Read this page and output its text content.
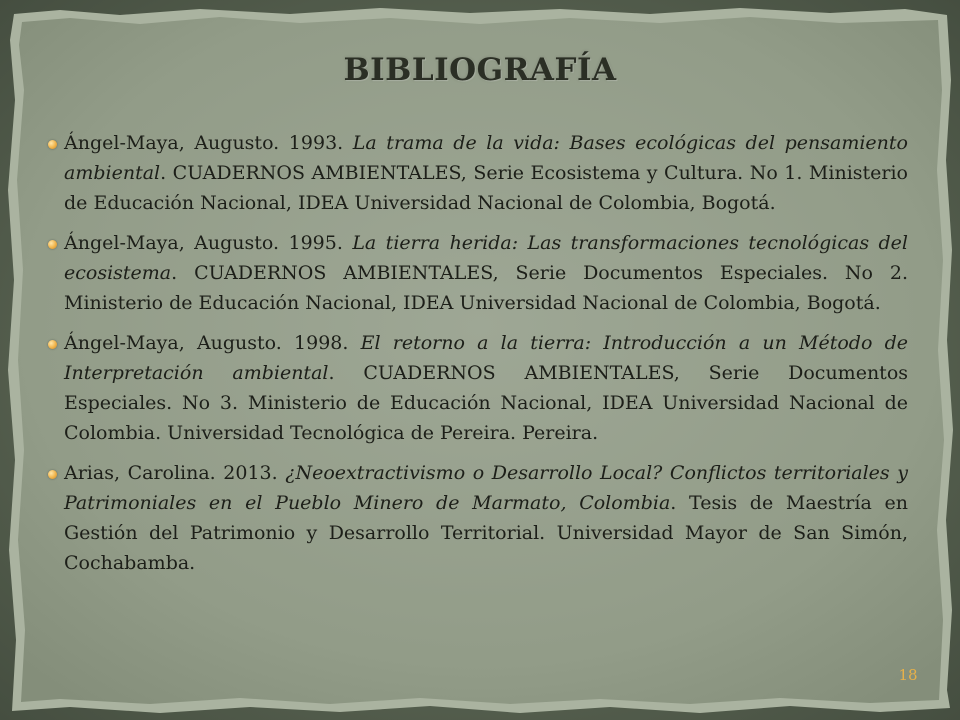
BIBLIOGRAFÍA
Ángel-Maya, Augusto. 1993. La trama de la vida: Bases ecológicas del pensamiento ambiental. CUADERNOS AMBIENTALES, Serie Ecosistema y Cultura. No 1. Ministerio de Educación Nacional, IDEA Universidad Nacional de Colombia, Bogotá.
Ángel-Maya, Augusto. 1995. La tierra herida: Las transformaciones tecnológicas del ecosistema. CUADERNOS AMBIENTALES, Serie Documentos Especiales. No 2. Ministerio de Educación Nacional, IDEA Universidad Nacional de Colombia, Bogotá.
Ángel-Maya, Augusto. 1998. El retorno a la tierra: Introducción a un Método de Interpretación ambiental. CUADERNOS AMBIENTALES, Serie Documentos Especiales. No 3. Ministerio de Educación Nacional, IDEA Universidad Nacional de Colombia. Universidad Tecnológica de Pereira. Pereira.
Arias, Carolina. 2013. ¿Neoextractivismo o Desarrollo Local? Conflictos territoriales y Patrimoniales en el Pueblo Minero de Marmato, Colombia. Tesis de Maestría en Gestión del Patrimonio y Desarrollo Territorial. Universidad Mayor de San Simón, Cochabamba.
18
